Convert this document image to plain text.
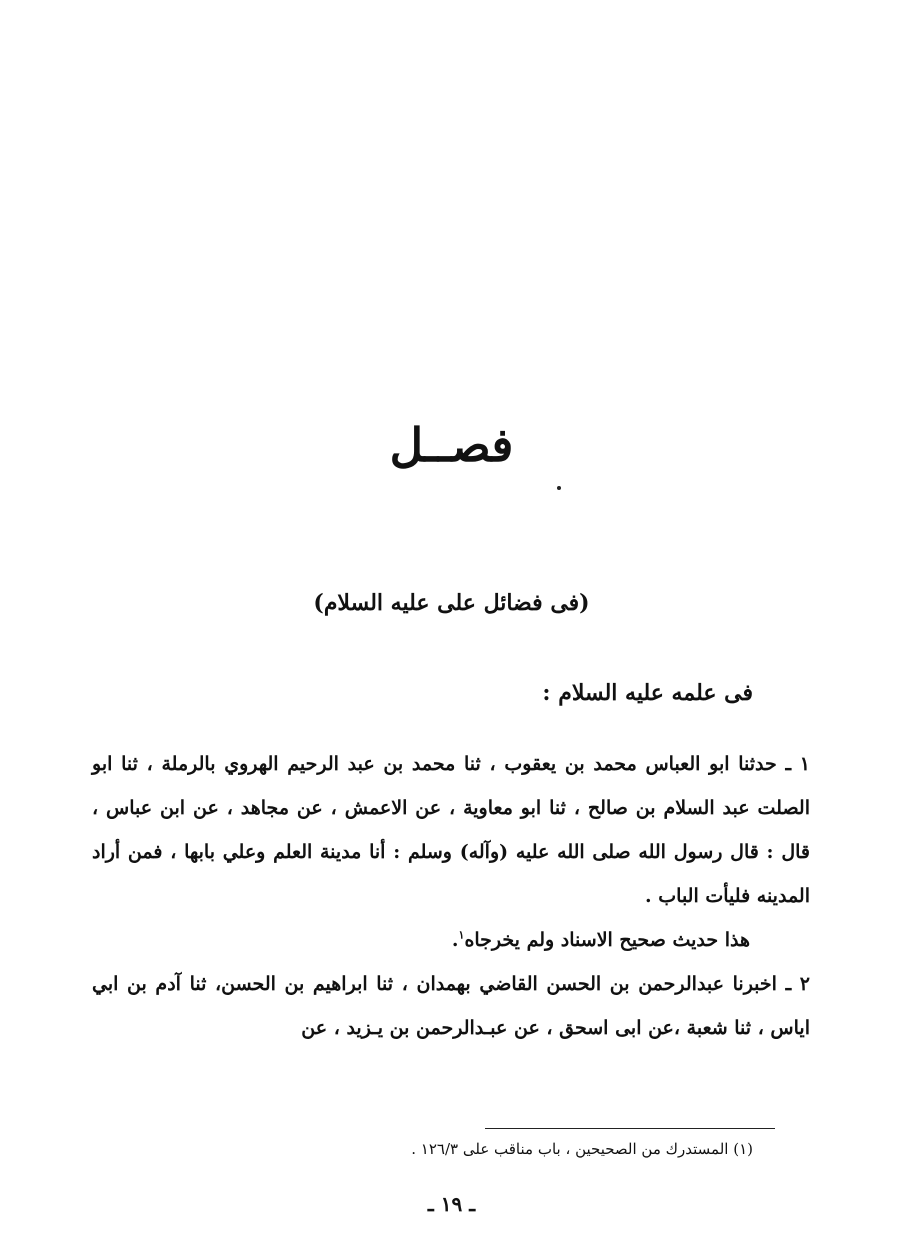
فصــل
(فى فضائل على عليه السلام)
فى علمه عليه السلام :

١ ـ حدثنا ابو العباس محمد بن يعقوب ، ثنا محمد بن عبد الرحيم الهروي بالرملة ، ثنا ابو الصلت عبد السلام بن صالح ، ثنا ابو معاوية ، عن الاعمش ، عن مجاهد ، عن ابن عباس ، قال : قال رسول الله صلى الله عليه (وآله) وسلم : أنا مدينة العلم وعلي بابها ، فمن أراد المدينه فليأت الباب .

هذا حديث صحيح الاسناد ولم يخرجاه$^١$.

٢ ـ اخبرنا عبدالرحمن بن الحسن القاضي بهمدان ، ثنا ابراهيم بن الحسن، ثنا آدم بن ابي اياس ، ثنا شعبة ،عن ابى اسحق ، عن عبـدالرحمن بن يـزيد ، عن

(١) المستدرك من الصحيحين ، باب مناقب على ١٢٦/٣ .
ـ ١٩ ـ
